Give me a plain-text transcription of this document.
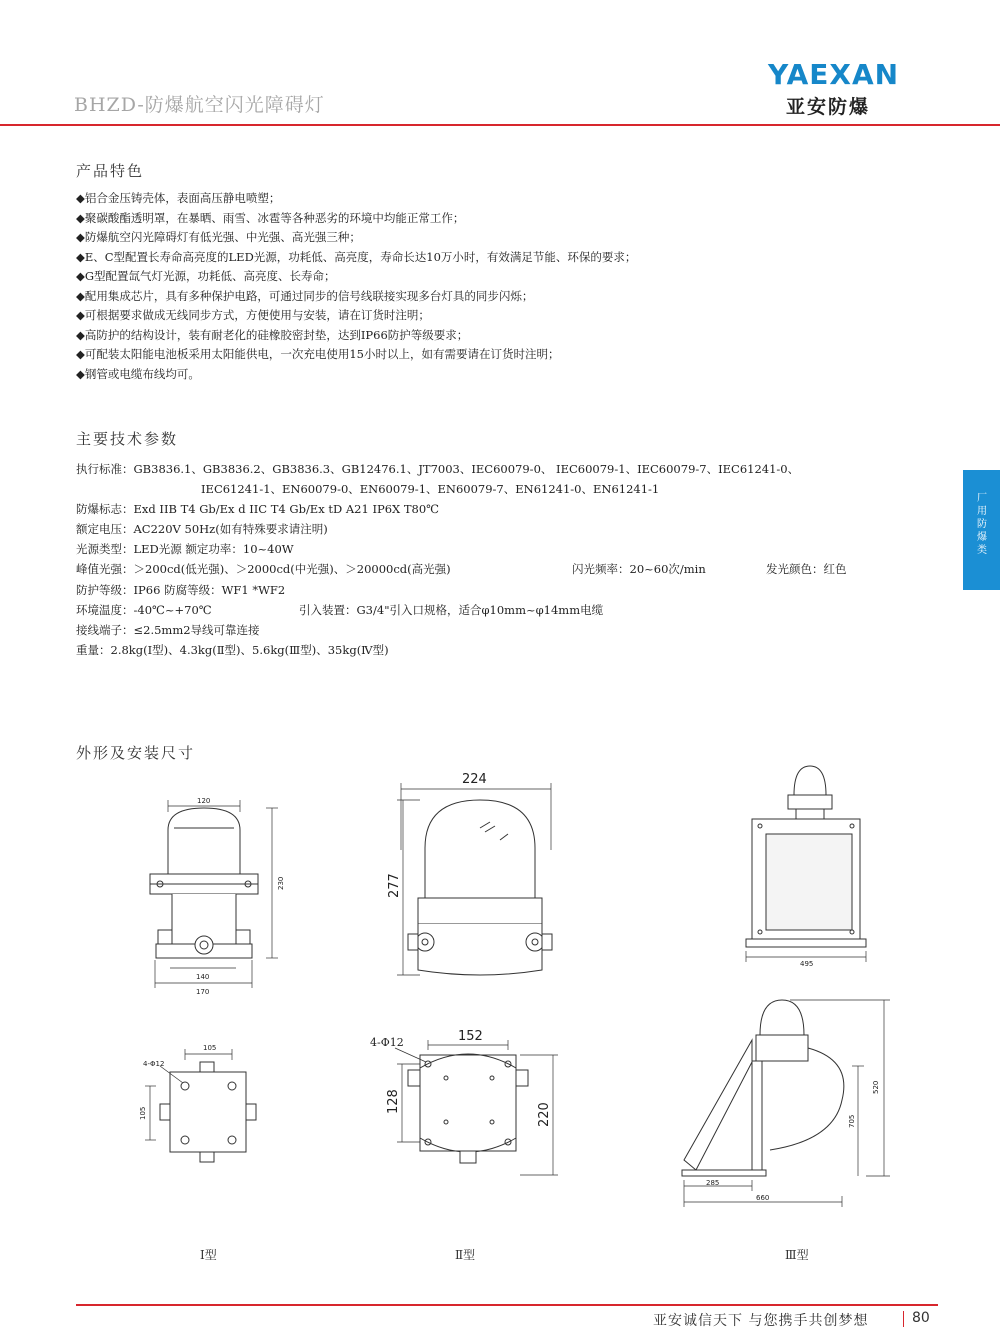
BHZD-防爆航空闪光障碍灯
YAEXAN
亚安防爆
产品特色
◆铝合金压铸壳体，表面高压静电喷塑；
◆聚碳酸酯透明罩，在暴晒、雨雪、冰雹等各种恶劣的环境中均能正常工作；
◆防爆航空闪光障碍灯有低光强、中光强、高光强三种；
◆E、C型配置长寿命高亮度的LED光源，功耗低、高亮度，寿命长达10万小时，有效满足节能、环保的要求；
◆G型配置氙气灯光源，功耗低、高亮度、长寿命；
◆配用集成芯片，具有多种保护电路，可通过同步的信号线联接实现多台灯具的同步闪烁；
◆可根据要求做成无线同步方式，方便使用与安装，请在订货时注明；
◆高防护的结构设计，装有耐老化的硅橡胶密封垫，达到IP66防护等级要求；
◆可配装太阳能电池板采用太阳能供电，一次充电使用15小时以上，如有需要请在订货时注明；
◆钢管或电缆布线均可。
主要技术参数
执行标准：GB3836.1、GB3836.2、GB3836.3、GB12476.1、JT7003、IEC60079-0、 IEC60079-1、IEC60079-7、IEC61241-0、
IEC61241-1、EN60079-0、EN60079-1、EN60079-7、EN61241-0、EN61241-1
防爆标志：Exd IIB T4 Gb/Ex d IIC T4 Gb/Ex tD A21 IP6X T80℃
额定电压：AC220V 50Hz(如有特殊要求请注明)
光源类型：LED光源 额定功率：10~40W
峰值光强：＞200cd(低光强)、＞2000cd(中光强)、＞20000cd(高光强)	闪光频率：20~60次/min	发光颜色：红色
防护等级：IP66 防腐等级：WF1 *WF2
环境温度：-40℃~+70℃	引入装置：G3/4"引入口规格，适合φ10mm~φ14mm电缆
接线端子：≤2.5mm2导线可靠连接
重量：2.8kg(Ⅰ型)、4.3kg(Ⅱ型)、5.6kg(Ⅲ型)、35kg(Ⅳ型)
厂用防爆类
外形及安装尺寸
120
230
140
170
4-Φ12
105
105
495
520
705
285
660
224
277
152
128
220
4-Φ12
Ⅰ型	Ⅱ型	Ⅲ型
亚安诚信天下 与您携手共创梦想	80
